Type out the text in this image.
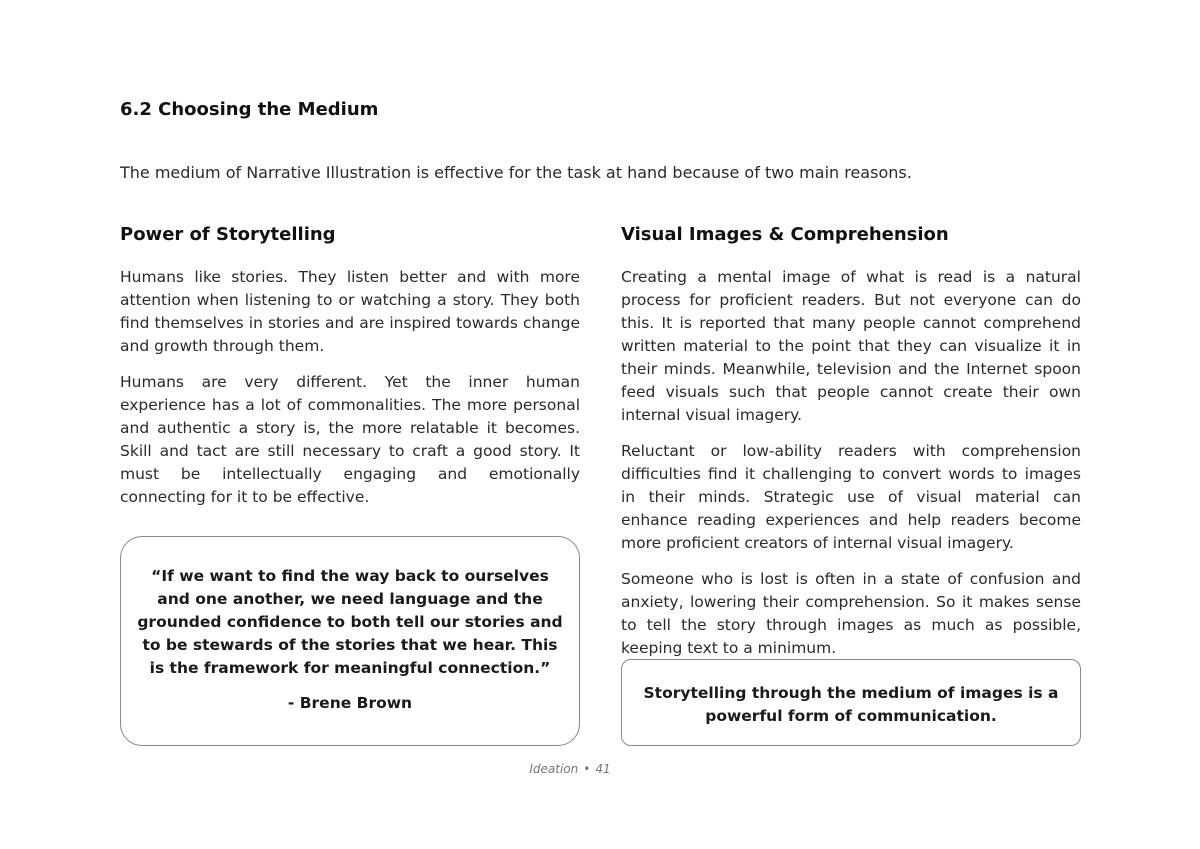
6.2 Choosing the Medium

The medium of Narrative Illustration is effective for the task at hand because of two main reasons.

Power of Storytelling

Humans like stories. They listen better and with more attention when listening to or watching a story. They both find themselves in stories and are inspired towards change and growth through them.

Humans are very different. Yet the inner human experience has a lot of commonalities. The more personal and authentic a story is, the more relatable it becomes. Skill and tact are still necessary to craft a good story. It must be intellectually engaging and emotionally connecting for it to be effective.

“If we want to find the way back to ourselves and one another, we need language and the grounded confidence to both tell our stories and to be stewards of the stories that we hear. This is the framework for meaningful connection.”

- Brene Brown

Visual Images & Comprehension

Creating a mental image of what is read is a natural process for proficient readers. But not everyone can do this. It is reported that many people cannot comprehend written material to the point that they can visualize it in their minds. Meanwhile, television and the Internet spoon feed visuals such that people cannot create their own internal visual imagery.

Reluctant or low-ability readers with comprehension difficulties find it challenging to convert words to images in their minds. Strategic use of visual material can enhance reading experiences and help readers become more proficient creators of internal visual imagery.

Someone who is lost is often in a state of confusion and anxiety, lowering their comprehension. So it makes sense to tell the story through images as much as possible, keeping text to a minimum.

Storytelling through the medium of images is a powerful form of communication.

Ideation • 41
